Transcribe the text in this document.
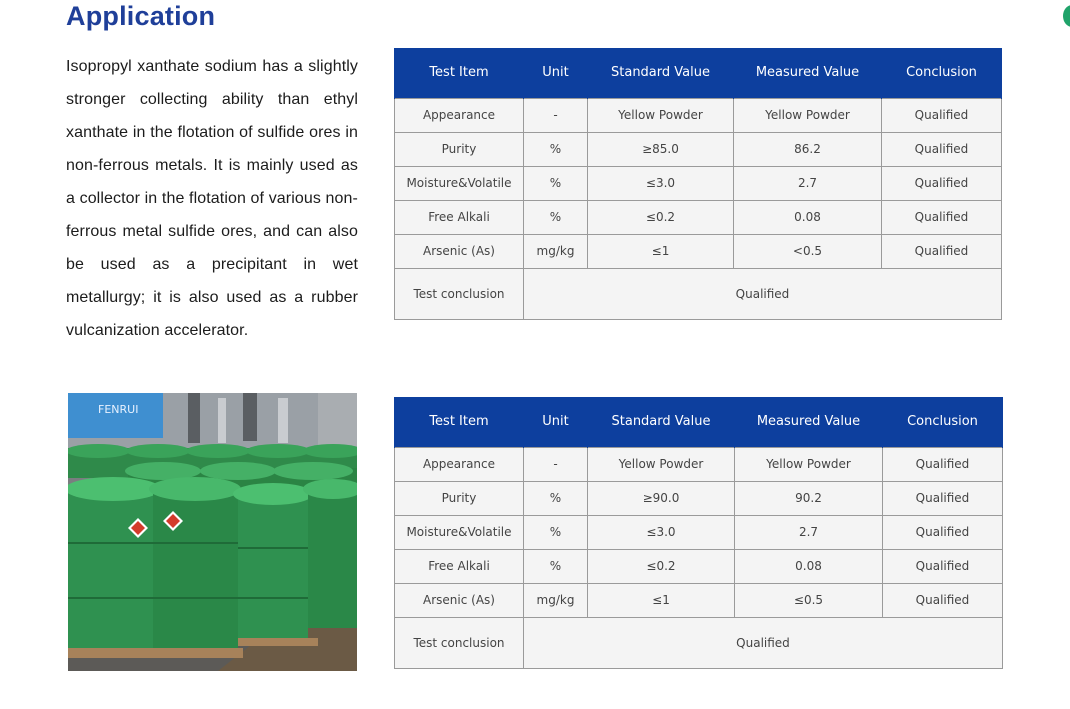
Application

Isopropyl xanthate sodium has a slightly stronger collecting ability than ethyl xanthate in the flotation of sulfide ores in non-ferrous metals. It is mainly used as a collector in the flotation of various non-ferrous metal sulfide ores, and can also be used as a precipitant in wet metallurgy; it is also used as a rubber vulcanization accelerator.

FENRUI
Test Item	Unit	Standard Value	Measured Value	Conclusion
Appearance	-	Yellow Powder	Yellow Powder	Qualified
Purity	%	≥85.0	86.2	Qualified
Moisture&Volatile	%	≤3.0	2.7	Qualified
Free Alkali	%	≤0.2	0.08	Qualified
Arsenic (As)	mg/kg	≤1	<0.5	Qualified
Test conclusion	Qualified			
Test Item	Unit	Standard Value	Measured Value	Conclusion
Appearance	-	Yellow Powder	Yellow Powder	Qualified
Purity	%	≥90.0	90.2	Qualified
Moisture&Volatile	%	≤3.0	2.7	Qualified
Free Alkali	%	≤0.2	0.08	Qualified
Arsenic (As)	mg/kg	≤1	≤0.5	Qualified
Test conclusion	Qualified			
